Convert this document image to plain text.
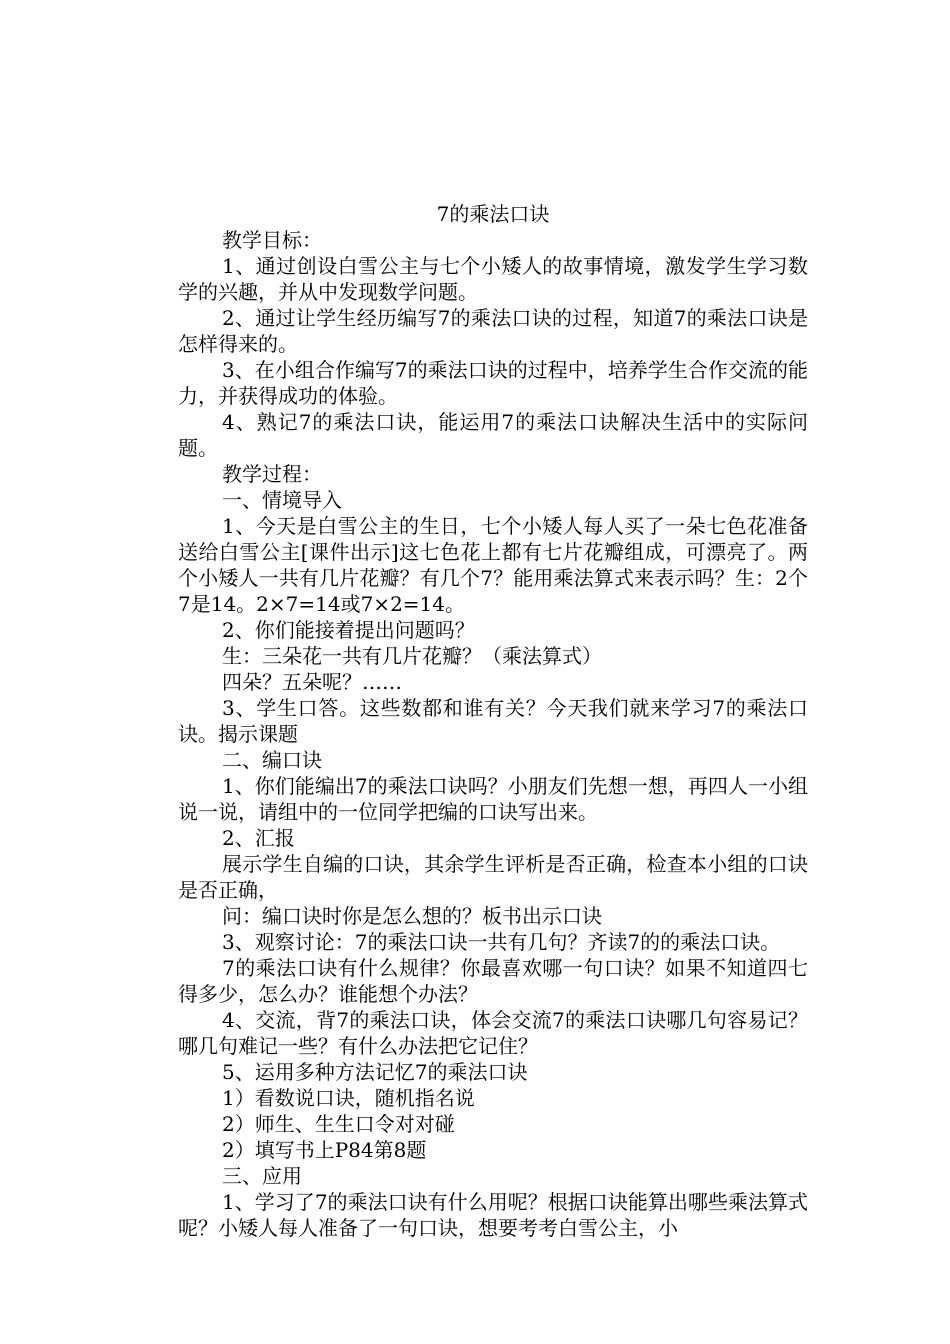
7的乘法口诀

教学目标：

1、通过创设白雪公主与七个小矮人的故事情境，激发学生学习数学的兴趣，并从中发现数学问题。

2、通过让学生经历编写7的乘法口诀的过程，知道7的乘法口诀是怎样得来的。

3、在小组合作编写7的乘法口诀的过程中，培养学生合作交流的能力，并获得成功的体验。

4、熟记7的乘法口诀，能运用7的乘法口诀解决生活中的实际问题。

教学过程：

一、情境导入

1、今天是白雪公主的生日，七个小矮人每人买了一朵七色花准备送给白雪公主[课件出示]这七色花上都有七片花瓣组成，可漂亮了。两个小矮人一共有几片花瓣？有几个7？能用乘法算式来表示吗？生：2个7是14。2×7=14或7×2=14。

2、你们能接着提出问题吗？

生：三朵花一共有几片花瓣？（乘法算式）

四朵？五朵呢？……

3、学生口答。这些数都和谁有关？今天我们就来学习7的乘法口诀。揭示课题

二、编口诀

1、你们能编出7的乘法口诀吗？小朋友们先想一想，再四人一小组说一说，请组中的一位同学把编的口诀写出来。

2、汇报

展示学生自编的口诀，其余学生评析是否正确，检查本小组的口诀是否正确，

问：编口诀时你是怎么想的？板书出示口诀

3、观察讨论：7的乘法口诀一共有几句？齐读7的的乘法口诀。

7的乘法口诀有什么规律？你最喜欢哪一句口诀？如果不知道四七得多少，怎么办？谁能想个办法？

4、交流，背7的乘法口诀，体会交流7的乘法口诀哪几句容易记？哪几句难记一些？有什么办法把它记住？

5、运用多种方法记忆7的乘法口诀

1）看数说口诀，随机指名说

2）师生、生生口令对对碰

2）填写书上P84第8题

三、应用

1、学习了7的乘法口诀有什么用呢？根据口诀能算出哪些乘法算式呢？小矮人每人准备了一句口诀，想要考考白雪公主，小
